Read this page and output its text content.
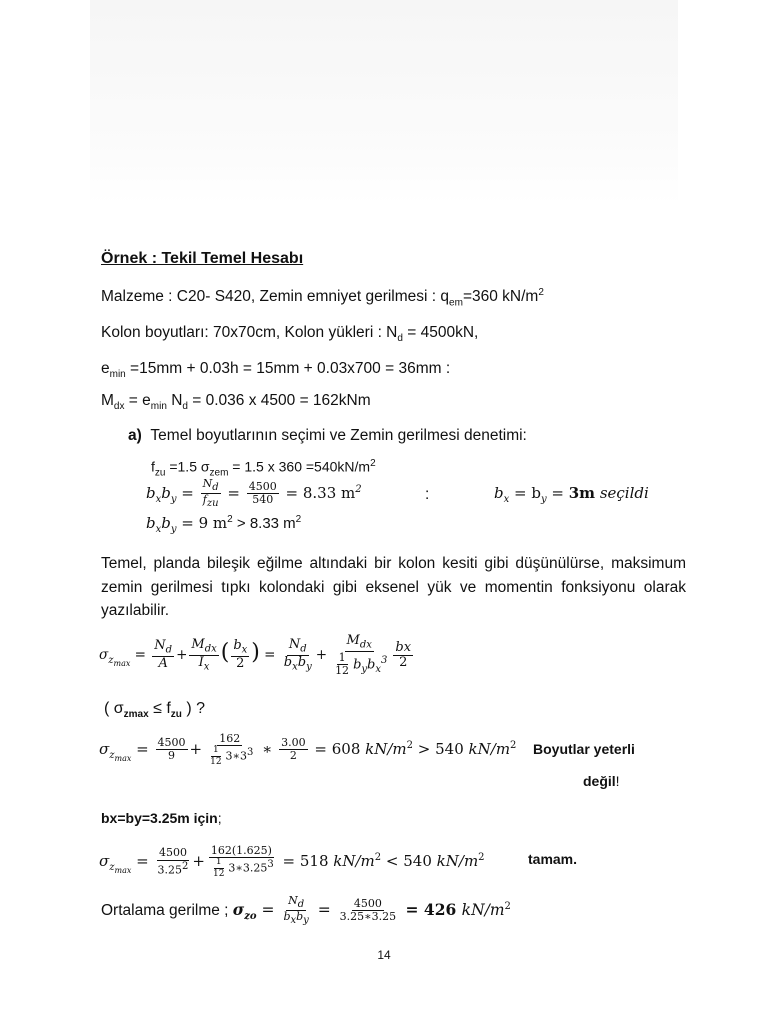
Örnek : Tekil Temel Hesabı
Malzeme : C20- S420, Zemin emniyet gerilmesi : $q_{em}=360$ $kN/m^2$
Kolon boyutları: 70x70cm, Kolon yükleri : $N_d = 4500kN$,
$e_{min} =15mm + 0.03h = 15mm + 0.03x700 = 36mm$ :
$M_{dx} = e_{min}$ $N_d = 0.036$ x 4500 = 162kNm
a) Temel boyutlarının seçimi ve Zemin gerilmesi denetimi:
$f_{zu} =1.5$ $\sigma_{zem} = 1.5$ x $360 =540kN/m^2$
$b_xb_y$ =
$N_d$
$f_{zu}$
= $\frac{4500}{540} = 8.33$ $m^2$	:	$b_x = b_y = 3m$ seçildi
$b_xb_y = 9$ $m^2 > 8.33$ $m^2$
Temel, planda bileşik eğilme altındaki bir kolon kesiti gibi düşünülürse, maksimum zemin gerilmesi tıpkı kolondaki gibi eksenel yük ve momentin fonksiyonu olarak yazılabilir.
$\sigma_{z_{max}} = \frac{N_d}{A}$ +
$M_{dx}$
$I_x$
( $\frac{b_x}{2}$ ) =
$N_d$
$b_xb_y$
+
$M_{dx}$
$\frac{1}{12} b_yb_x^3 \frac{bx}{2}$
( $\sigma_{zmax} \le f_{zu}$ ) ?
$\sigma_{z_{max}} = \frac{4500}{9} + \frac{162}{\frac{1}{12} 3∗3^3}$ ∗ $\frac{3.00}{2} = 608$ $kN/m^2 > 540$ $kN/m^2$ Boyutlar yeterli
değil!
bx=by=3.25m için;
$\sigma_{z_{max}} = \frac{4500}{3.25^2} + \frac{162(1.625)}{\frac{1}{12} 3∗3.25^3} = 518$ $kN/m^2 < 540$ $kN/m^2$	tamam.
Ortalama gerilme ; $\sigma_{zo}$ =
$N_d$
$b_xb_y$
= $\frac{4500}{3.25∗3.25} = 426$ $kN/m^2$
14
